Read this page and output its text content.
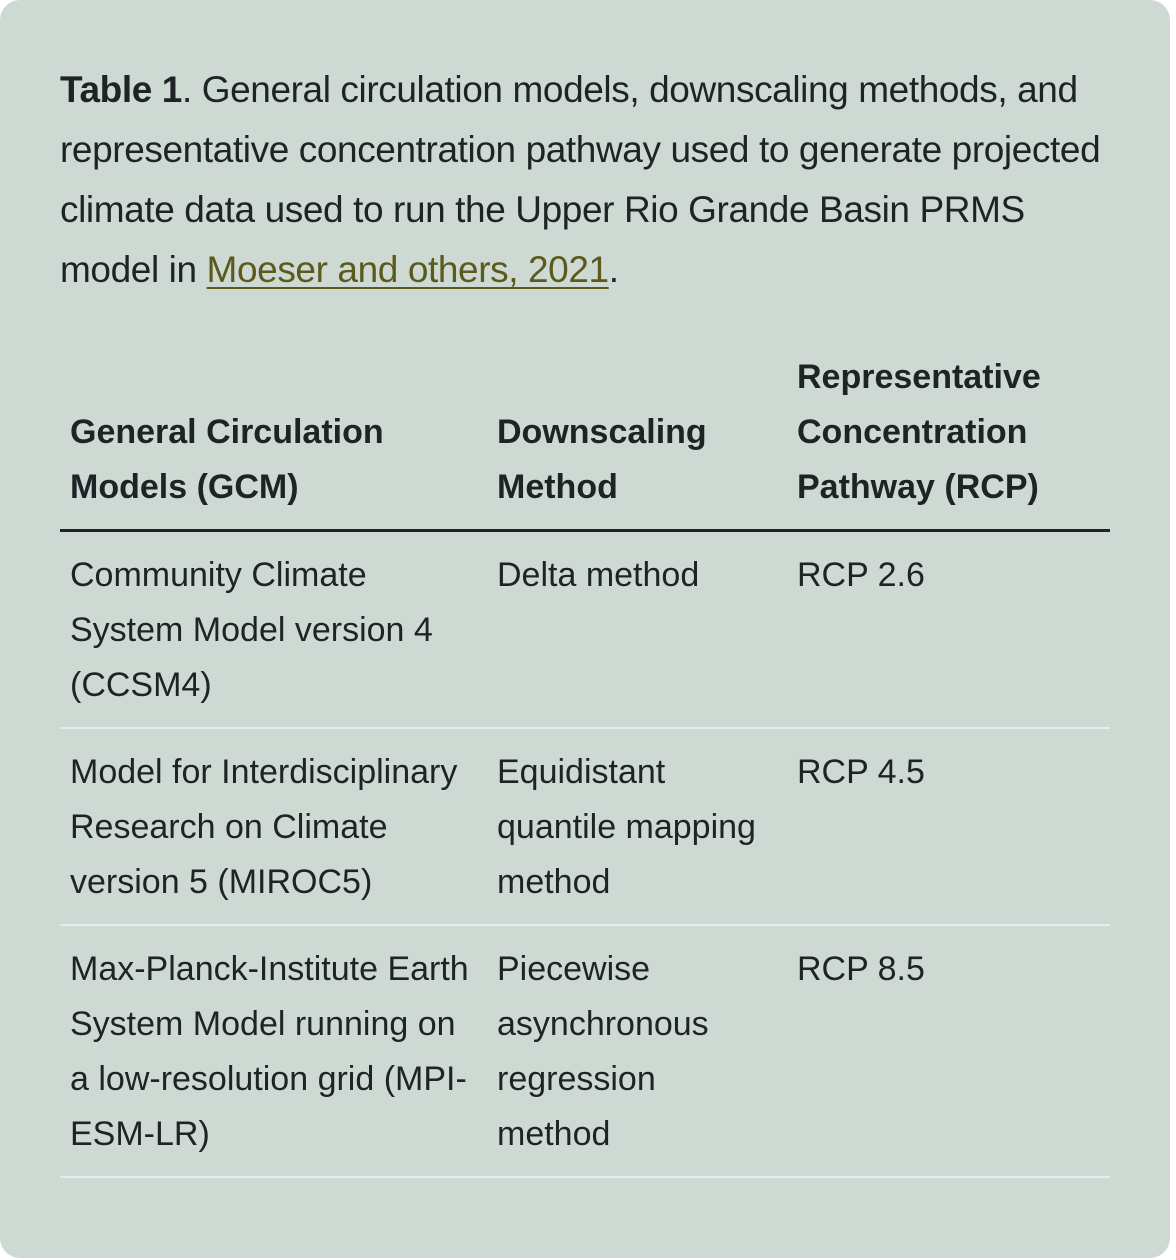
Table 1. General circulation models, downscaling methods, and representative concentration pathway used to generate projected climate data used to run the Upper Rio Grande Basin PRMS model in Moeser and others, 2021.

General Circulation Models (GCM)	Downscaling Method	Representative Concentration Pathway (RCP)
Community Climate System Model version 4 (CCSM4)	Delta method	RCP 2.6
Model for Interdisciplinary Research on Climate version 5 (MIROC5)	Equidistant quantile mapping method	RCP 4.5
Max-Planck-Institute Earth System Model running on a low-resolution grid (MPI-ESM-LR)	Piecewise asynchronous regression method	RCP 8.5
